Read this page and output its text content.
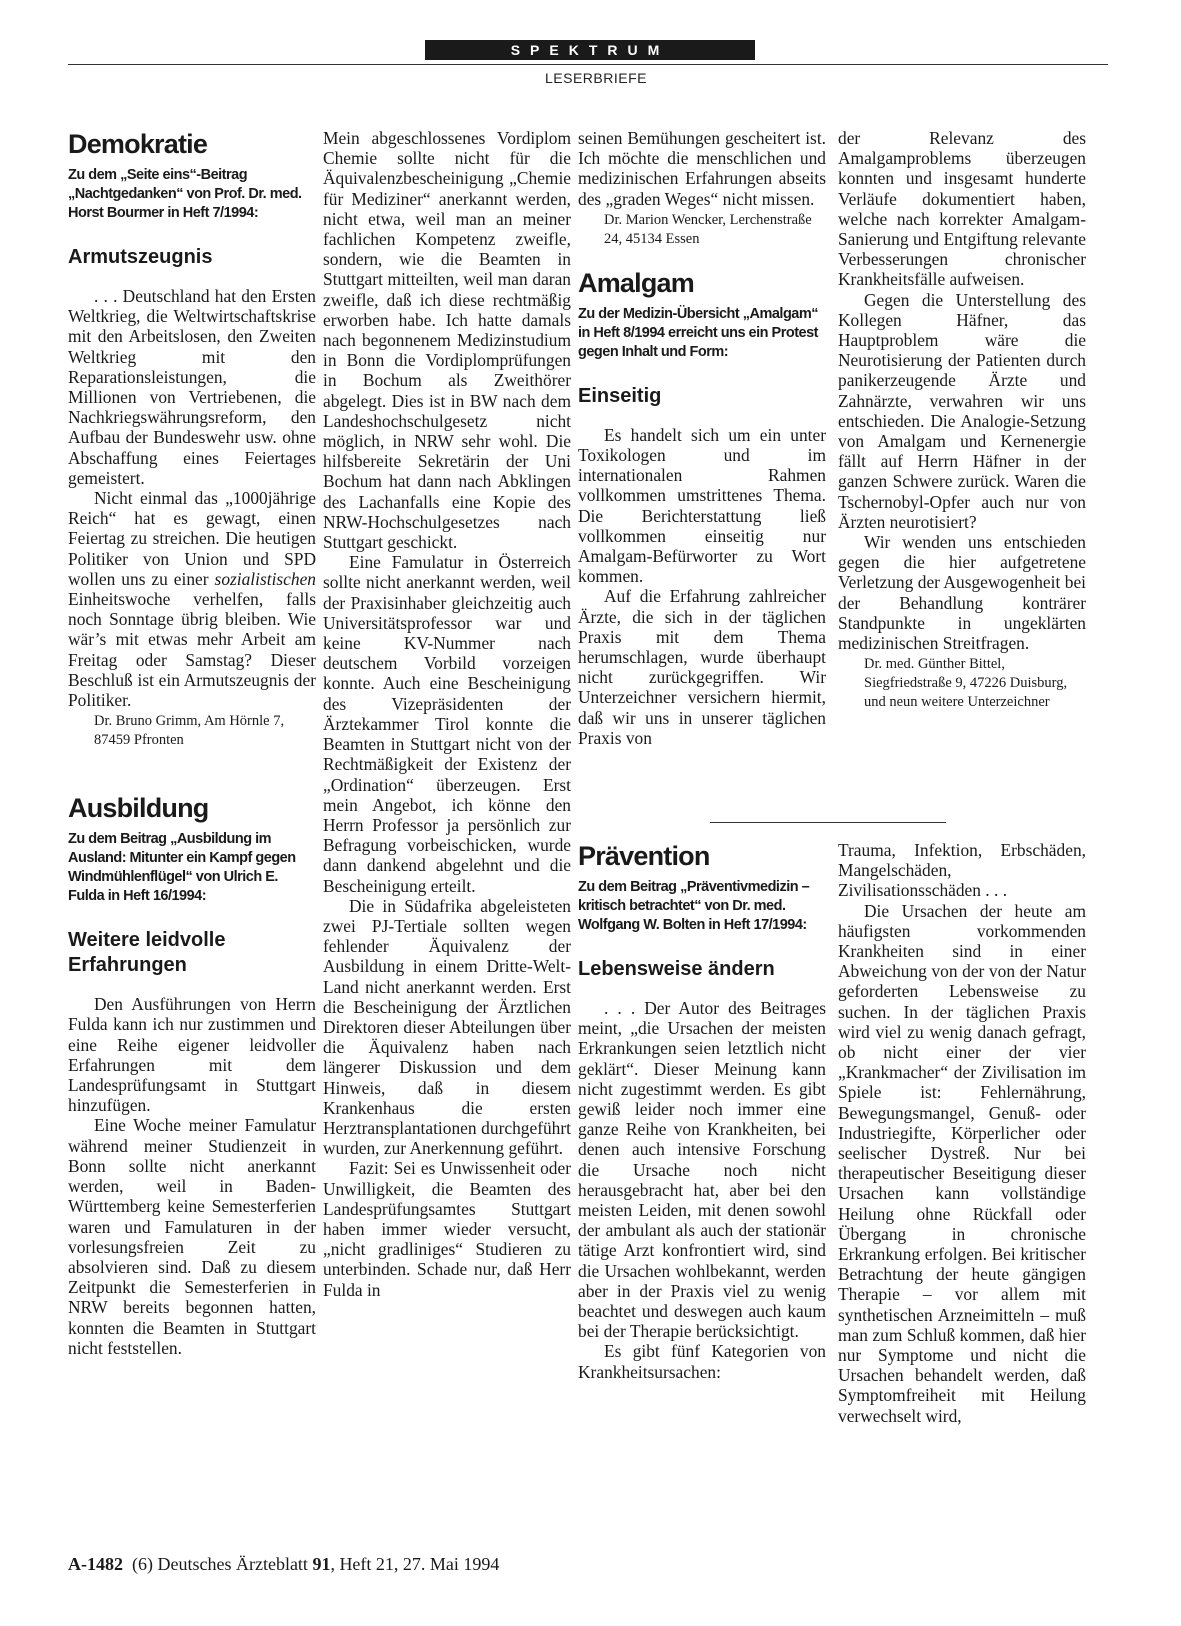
SPEKTRUM
LESERBRIEFE
Demokratie
Zu dem „Seite eins“-Beitrag „Nachtgedanken“ von Prof. Dr. med. Horst Bourmer in Heft 7/1994:
Armutszeugnis

. . . Deutschland hat den Ersten Weltkrieg, die Weltwirtschaftskrise mit den Arbeitslosen, den Zweiten Weltkrieg mit den Reparationsleistungen, die Millionen von Vertriebenen, die Nachkriegswährungsreform, den Aufbau der Bundeswehr usw. ohne Abschaffung eines Feiertages gemeistert.

Nicht einmal das „1000jährige Reich“ hat es gewagt, einen Feiertag zu streichen. Die heutigen Politiker von Union und SPD wollen uns zu einer sozialistischen Einheitswoche verhelfen, falls noch Sonntage übrig bleiben. Wie wär’s mit etwas mehr Arbeit am Freitag oder Samstag? Dieser Beschluß ist ein Armutszeugnis der Politiker.

Dr. Bruno Grimm, Am Hörnle 7, 87459 Pfronten
Ausbildung
Zu dem Beitrag „Ausbildung im Ausland: Mitunter ein Kampf gegen Windmühlenflügel“ von Ulrich E. Fulda in Heft 16/1994:
Weitere leidvolle Erfahrungen

Den Ausführungen von Herrn Fulda kann ich nur zustimmen und eine Reihe eigener leidvoller Erfahrungen mit dem Landesprüfungsamt in Stuttgart hinzufügen.

Eine Woche meiner Famulatur während meiner Studienzeit in Bonn sollte nicht anerkannt werden, weil in Baden-Württemberg keine Semesterferien waren und Famulaturen in der vorlesungsfreien Zeit zu absolvieren sind. Daß zu diesem Zeitpunkt die Semesterferien in NRW bereits begonnen hatten, konnten die Beamten in Stuttgart nicht feststellen.

Mein abgeschlossenes Vordiplom Chemie sollte nicht für die Äquivalenzbescheinigung „Chemie für Mediziner“ anerkannt werden, nicht etwa, weil man an meiner fachlichen Kompetenz zweifle, sondern, wie die Beamten in Stuttgart mitteilten, weil man daran zweifle, daß ich diese rechtmäßig erworben habe. Ich hatte damals nach begonnenem Medizinstudium in Bonn die Vordiplomprüfungen in Bochum als Zweithörer abgelegt. Dies ist in BW nach dem Landeshochschulgesetz nicht möglich, in NRW sehr wohl. Die hilfsbereite Sekretärin der Uni Bochum hat dann nach Abklingen des Lachanfalls eine Kopie des NRW-Hochschulgesetzes nach Stuttgart geschickt.

Eine Famulatur in Österreich sollte nicht anerkannt werden, weil der Praxisinhaber gleichzeitig auch Universitätsprofessor war und keine KV-Nummer nach deutschem Vorbild vorzeigen konnte. Auch eine Bescheinigung des Vizepräsidenten der Ärztekammer Tirol konnte die Beamten in Stuttgart nicht von der Rechtmäßigkeit der Existenz der „Ordination“ überzeugen. Erst mein Angebot, ich könne den Herrn Professor ja persönlich zur Befragung vorbeischicken, wurde dann dankend abgelehnt und die Bescheinigung erteilt.

Die in Südafrika abgeleisteten zwei PJ-Tertiale sollten wegen fehlender Äquivalenz der Ausbildung in einem Dritte-Welt-Land nicht anerkannt werden. Erst die Bescheinigung der Ärztlichen Direktoren dieser Abteilungen über die Äquivalenz haben nach längerer Diskussion und dem Hinweis, daß in diesem Krankenhaus die ersten Herztransplantationen durchgeführt wurden, zur Anerkennung geführt.

Fazit: Sei es Unwissenheit oder Unwilligkeit, die Beamten des Landesprüfungsamtes Stuttgart haben immer wieder versucht, „nicht gradliniges“ Studieren zu unterbinden. Schade nur, daß Herr Fulda in

seinen Bemühungen gescheitert ist. Ich möchte die menschlichen und medizinischen Erfahrungen abseits des „graden Weges“ nicht missen.

Dr. Marion Wencker, Lerchenstraße 24, 45134 Essen
Amalgam
Zu der Medizin-Übersicht „Amalgam“ in Heft 8/1994 erreicht uns ein Protest gegen Inhalt und Form:
Einseitig

Es handelt sich um ein unter Toxikologen und im internationalen Rahmen vollkommen umstrittenes Thema. Die Berichterstattung ließ vollkommen einseitig nur Amalgam-Befürworter zu Wort kommen.

Auf die Erfahrung zahlreicher Ärzte, die sich in der täglichen Praxis mit dem Thema herumschlagen, wurde überhaupt nicht zurückgegriffen. Wir Unterzeichner versichern hiermit, daß wir uns in unserer täglichen Praxis von

Prävention
Zu dem Beitrag „Präventivmedizin – kritisch betrachtet“ von Dr. med. Wolfgang W. Bolten in Heft 17/1994:
Lebensweise ändern

. . . Der Autor des Beitrages meint, „die Ursachen der meisten Erkrankungen seien letztlich nicht geklärt“. Dieser Meinung kann nicht zugestimmt werden. Es gibt gewiß leider noch immer eine ganze Reihe von Krankheiten, bei denen auch intensive Forschung die Ursache noch nicht herausgebracht hat, aber bei den meisten Leiden, mit denen sowohl der ambulant als auch der stationär tätige Arzt konfrontiert wird, sind die Ursachen wohlbekannt, werden aber in der Praxis viel zu wenig beachtet und deswegen auch kaum bei der Therapie berücksichtigt.

Es gibt fünf Kategorien von Krankheitsursachen:

der Relevanz des Amalgamproblems überzeugen konnten und insgesamt hunderte Verläufe dokumentiert haben, welche nach korrekter Amalgam-Sanierung und Entgiftung relevante Verbesserungen chronischer Krankheitsfälle aufweisen.

Gegen die Unterstellung des Kollegen Häfner, das Hauptproblem wäre die Neurotisierung der Patienten durch panikerzeugende Ärzte und Zahnärzte, verwahren wir uns entschieden. Die Analogie-Setzung von Amalgam und Kernenergie fällt auf Herrn Häfner in der ganzen Schwere zurück. Waren die Tschernobyl-Opfer auch nur von Ärzten neurotisiert?

Wir wenden uns entschieden gegen die hier aufgetretene Verletzung der Ausgewogenheit bei der Behandlung konträrer Standpunkte in ungeklärten medizinischen Streitfragen.

Dr. med. Günther Bittel, Siegfriedstraße 9, 47226 Duisburg, und neun weitere Unterzeichner

Trauma, Infektion, Erbschäden, Mangelschäden, Zivilisationsschäden . . .

Die Ursachen der heute am häufigsten vorkommenden Krankheiten sind in einer Abweichung von der von der Natur geforderten Lebensweise zu suchen. In der täglichen Praxis wird viel zu wenig danach gefragt, ob nicht einer der vier „Krankmacher“ der Zivilisation im Spiele ist: Fehlernährung, Bewegungsmangel, Genuß- oder Industriegifte, Körperlicher oder seelischer Dystreß. Nur bei therapeutischer Beseitigung dieser Ursachen kann vollständige Heilung ohne Rückfall oder Übergang in chronische Erkrankung erfolgen. Bei kritischer Betrachtung der heute gängigen Therapie – vor allem mit synthetischen Arzneimitteln – muß man zum Schluß kommen, daß hier nur Symptome und nicht die Ursachen behandelt werden, daß Symptomfreiheit mit Heilung verwechselt wird,

A-1482 (6) Deutsches Ärzteblatt 91, Heft 21, 27. Mai 1994
